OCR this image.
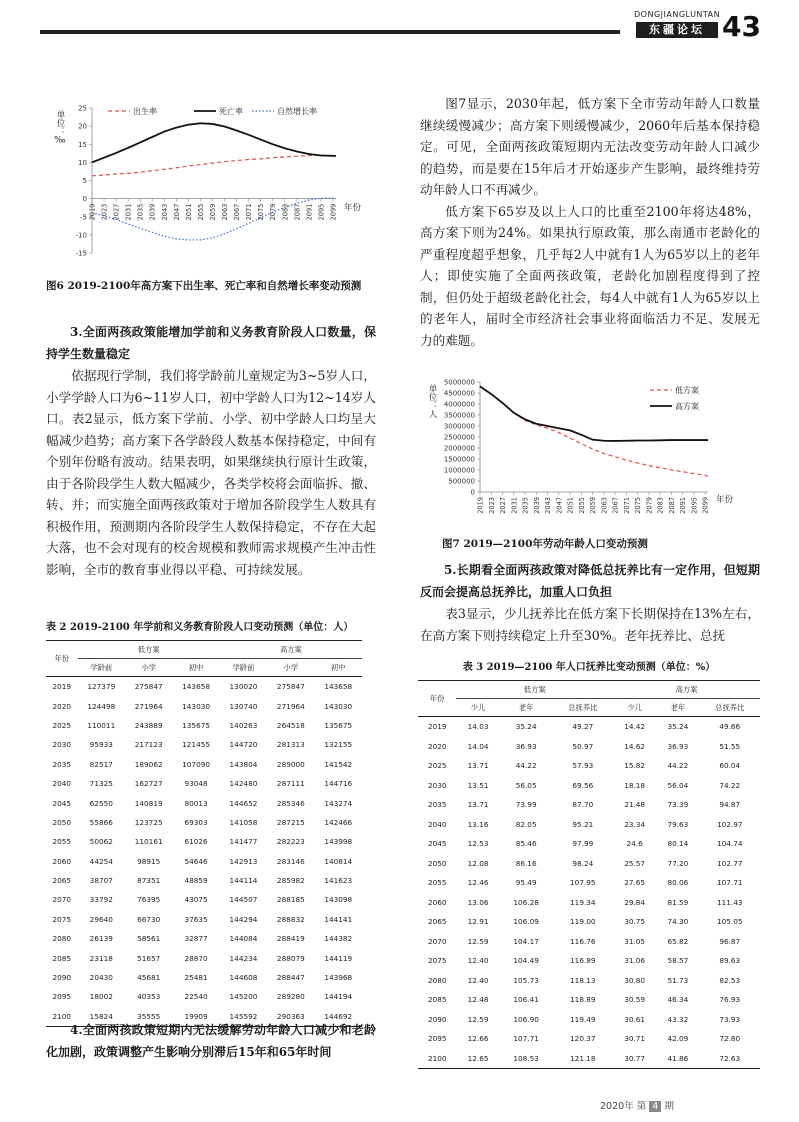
DONGJIANGLUNTAN
东疆论坛 43
单位：‰
25
20
15
10
5
0
-5
-10
-15
2019 2023 2027 2031 2035 2039 2043 2047 2051 2055 2059 2063 2067 2071 2075 2079 2083 2087 2091 2095 2099 年份
出生率	死亡率	自然增长率

图6 2019-2100年高方案下出生率、死亡率和自然增长率变动预测

3.全面两孩政策能增加学前和义务教育阶段人口数量，保持学生数量稳定

依据现行学制，我们将学龄前儿童规定为3~5岁人口，小学学龄人口为6~11岁人口，初中学龄人口为12~14岁人口。表2显示，低方案下学前、小学、初中学龄人口均呈大幅减少趋势；高方案下各学龄段人数基本保持稳定，中间有个别年份略有波动。结果表明，如果继续执行原计生政策，由于各阶段学生人数大幅减少，各类学校将会面临拆、撤、转、并；而实施全面两孩政策对于增加各阶段学生人数具有积极作用，预测期内各阶段学生人数保持稳定，不存在大起大落，也不会对现有的校舍规模和教师需求规模产生冲击性影响，全市的教育事业得以平稳、可持续发展。

表 2 2019-2100 年学前和义务教育阶段人口变动预测（单位：人）

年份	低方案			高方案		
	学龄前	小学	初中	学龄前	小学	初中
2019	127379	275847	143658	130020	275847	143658
2020	124498	271964	143030	130740	271964	143030
2025	110011	243889	135675	140263	264518	135675
2030	95933	217123	121455	144720	281313	132155
2035	82517	189062	107090	143804	289000	141542
2040	71325	162727	93048	142480	287111	144716
2045	62550	140819	80013	144652	285346	143274
2050	55866	123725	69303	141058	287215	142466
2055	50062	110161	61026	141477	282223	143998
2060	44254	98915	54646	142913	283146	140814
2065	38707	87351	48859	144114	285982	141623
2070	33792	76395	43075	144507	288185	143098
2075	29640	66730	37635	144294	288832	144141
2080	26139	58561	32877	144084	288419	144382
2085	23118	51657	28870	144234	288079	144119
2090	20430	45681	25481	144608	288447	143968
2095	18002	40353	22540	145200	289280	144194
2100	15824	35555	19909	145592	290363	144692

4.全面两孩政策短期内无法缓解劳动年龄人口减少和老龄化加剧，政策调整产生影响分别滞后15年和65年时间

图7显示，2030年起，低方案下全市劳动年龄人口数量继续缓慢减少；高方案下则缓慢减少，2060年后基本保持稳定。可见，全面两孩政策短期内无法改变劳动年龄人口减少的趋势，而是要在15年后才开始逐步产生影响，最终维持劳动年龄人口不再减少。

低方案下65岁及以上人口的比重至2100年将达48%，高方案下则为24%。如果执行原政策，那么南通市老龄化的严重程度超乎想象，几乎每2人中就有1人为65岁以上的老年人；即使实施了全面两孩政策，老龄化加剧程度得到了控制，但仍处于超级老龄化社会，每4人中就有1人为65岁以上的老年人，届时全市经济社会事业将面临活力不足、发展无力的难题。

单位：人
5000000
4500000
4000000
3500000
3000000
2500000
2000000
1500000
1000000
500000
0
2019 2023 2027 2031 2035 2039 2043 2047 2051 2055 2059 2063 2067 2071 2075 2079 2083 2087 2091 2095 2099 年份
低方案
高方案

图7 2019—2100年劳动年龄人口变动预测

5.长期看全面两孩政策对降低总抚养比有一定作用，但短期反而会提高总抚养比，加重人口负担

表3显示，少儿抚养比在低方案下长期保持在13%左右，在高方案下则持续稳定上升至30%。老年抚养比、总抚

表 3 2019—2100 年人口抚养比变动预测（单位：%）

年份	低方案			高方案		
	少儿	老年	总抚养比	少儿	老年	总抚养比
2019	14.03	35.24	49.27	14.42	35.24	49.66
2020	14.04	36.93	50.97	14.62	36.93	51.55
2025	13.71	44.22	57.93	15.82	44.22	60.04
2030	13.51	56.05	69.56	18.18	56.04	74.22
2035	13.71	73.99	87.70	21.48	73.39	94.87
2040	13.16	82.05	95.21	23.34	79.63	102.97
2045	12.53	85.46	97.99	24.6	80.14	104.74
2050	12.08	86.16	98.24	25.57	77.20	102.77
2055	12.46	95.49	107.95	27.65	80.06	107.71
2060	13.06	106.28	119.34	29.84	81.59	111.43
2065	12.91	106.09	119.00	30.75	74.30	105.05
2070	12.59	104.17	116.76	31.05	65.82	96.87
2075	12.40	104.49	116.89	31.06	58.57	89.63
2080	12.40	105.73	118.13	30.80	51.73	82.53
2085	12.48	106.41	118.89	30.59	46.34	76.93
2090	12.59	106.90	119.49	30.61	43.32	73.93
2095	12.66	107.71	120.37	30.71	42.09	72.80
2100	12.65	108.53	121.18	30.77	41.86	72.63
2020年 第 4 期
